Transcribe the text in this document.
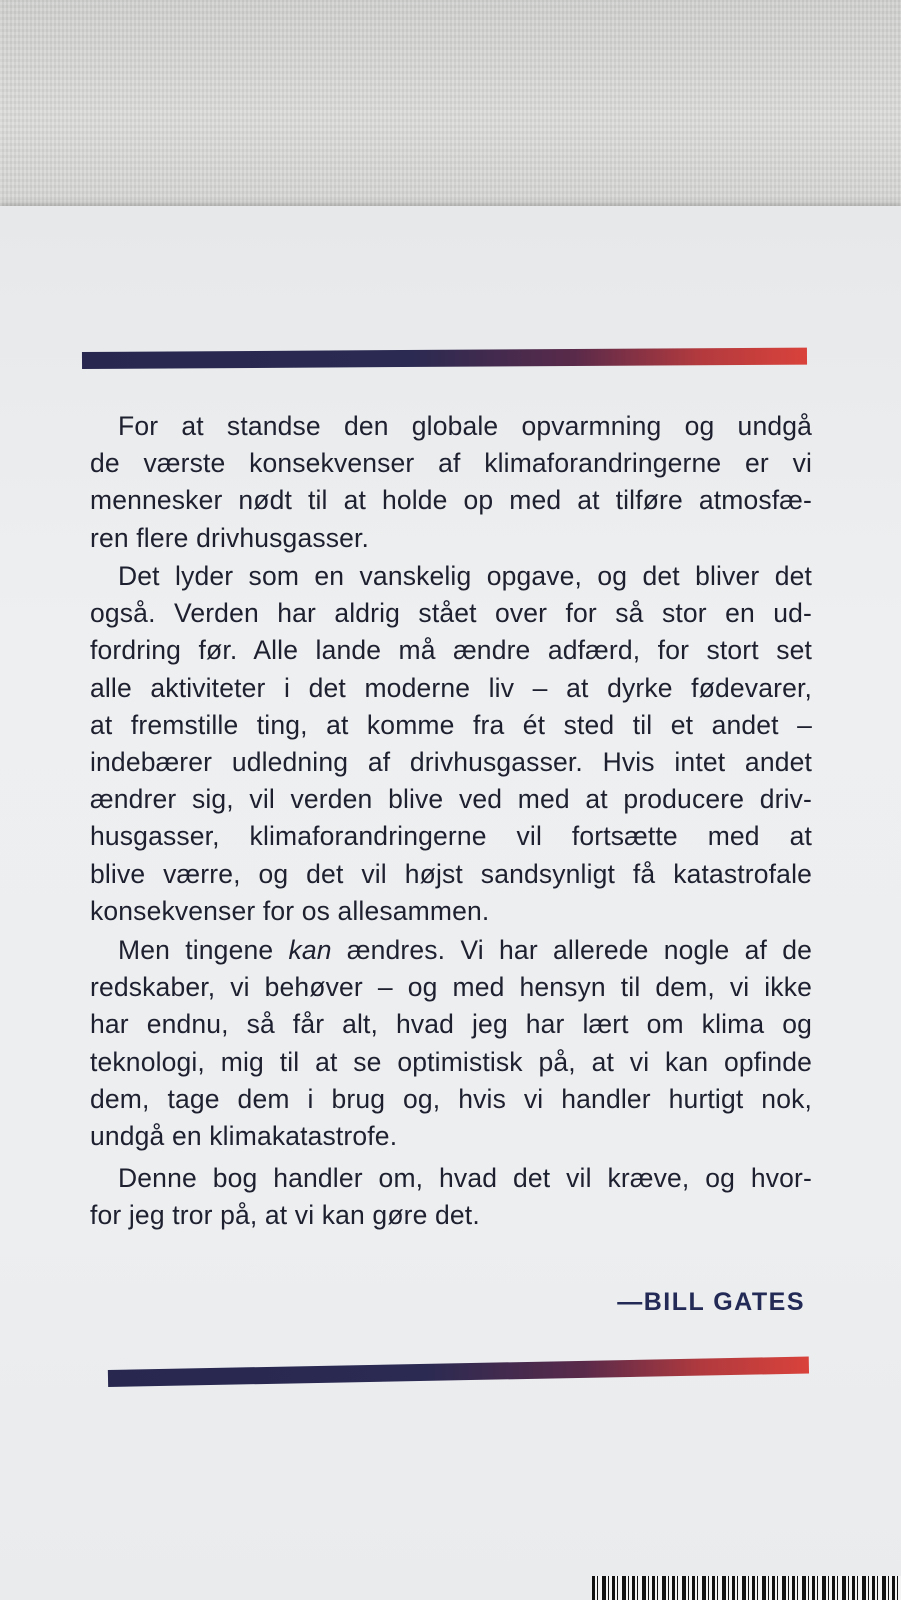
For at standse den globale opvarmning og undgå
de værste konsekvenser af klimaforandringerne er vi
mennesker nødt til at holde op med at tilføre atmosfæ-
ren flere drivhusgasser.
Det lyder som en vanskelig opgave, og det bliver det
også. Verden har aldrig stået over for så stor en ud-
fordring før. Alle lande må ændre adfærd, for stort set
alle aktiviteter i det moderne liv – at dyrke fødevarer,
at fremstille ting, at komme fra ét sted til et andet –
indebærer udledning af drivhusgasser. Hvis intet andet
ændrer sig, vil verden blive ved med at producere driv-
husgasser, klimaforandringerne vil fortsætte med at
blive værre, og det vil højst sandsynligt få katastrofale
konsekvenser for os allesammen.
Men tingene kan ændres. Vi har allerede nogle af de
redskaber, vi behøver – og med hensyn til dem, vi ikke
har endnu, så får alt, hvad jeg har lært om klima og
teknologi, mig til at se optimistisk på, at vi kan opfinde
dem, tage dem i brug og, hvis vi handler hurtigt nok,
undgå en klimakatastrofe.
Denne bog handler om, hvad det vil kræve, og hvor-
for jeg tror på, at vi kan gøre det.
—BILL GATES
